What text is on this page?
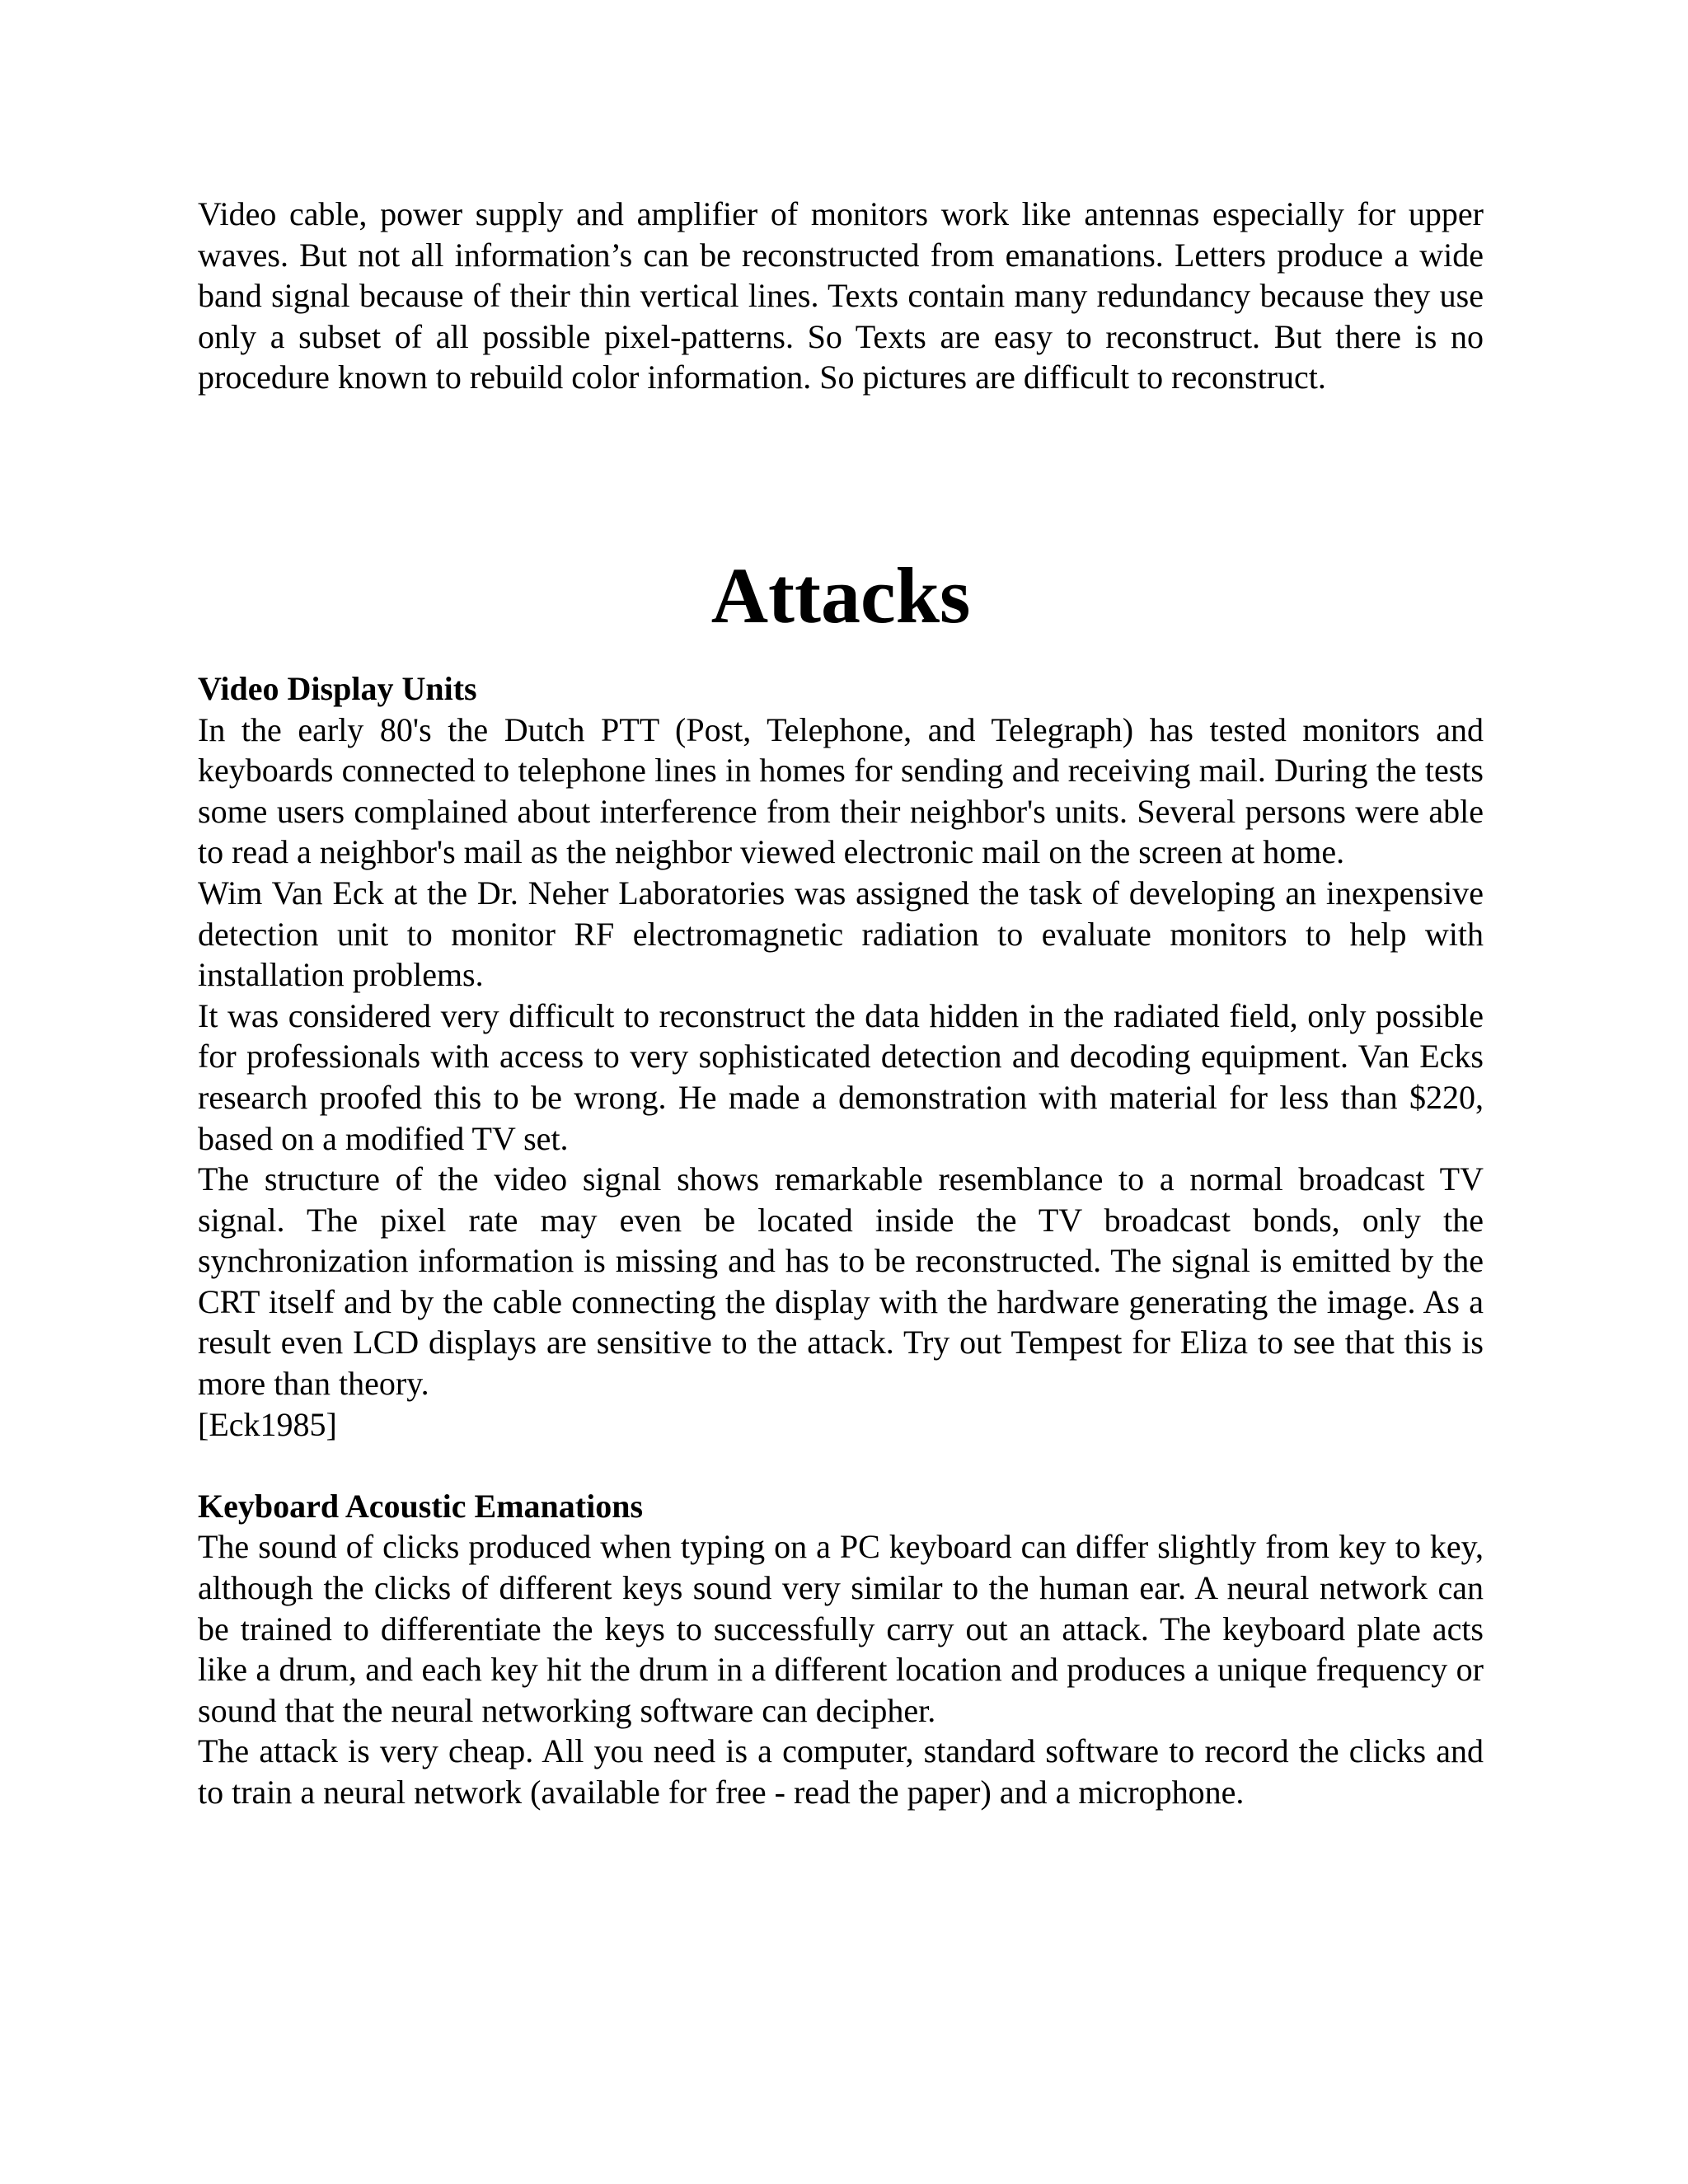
Video cable, power supply and amplifier of monitors work like antennas especially for upper waves. But not all information’s can be reconstructed from emanations. Letters produce a wide band signal because of their thin vertical lines. Texts contain many redundancy because they use only a subset of all possible pixel-patterns. So Texts are easy to reconstruct. But there is no procedure known to rebuild color information. So pictures are difficult to reconstruct.

Attacks
Video Display Units

In the early 80's the Dutch PTT (Post, Telephone, and Telegraph) has tested monitors and keyboards connected to telephone lines in homes for sending and receiving mail. During the tests some users complained about interference from their neighbor's units. Several persons were able to read a neighbor's mail as the neighbor viewed electronic mail on the screen at home.

Wim Van Eck at the Dr. Neher Laboratories was assigned the task of developing an inexpensive detection unit to monitor RF electromagnetic radiation to evaluate monitors to help with installation problems.

It was considered very difficult to reconstruct the data hidden in the radiated field, only possible for professionals with access to very sophisticated detection and decoding equipment. Van Ecks research proofed this to be wrong. He made a demonstration with material for less than $220, based on a modified TV set.

The structure of the video signal shows remarkable resemblance to a normal broadcast TV signal. The pixel rate may even be located inside the TV broadcast bonds, only the synchronization information is missing and has to be reconstructed. The signal is emitted by the CRT itself and by the cable connecting the display with the hardware generating the image. As a result even LCD displays are sensitive to the attack. Try out Tempest for Eliza to see that this is more than theory.

[Eck1985]

Keyboard Acoustic Emanations

The sound of clicks produced when typing on a PC keyboard can differ slightly from key to key, although the clicks of different keys sound very similar to the human ear. A neural network can be trained to differentiate the keys to successfully carry out an attack. The keyboard plate acts like a drum, and each key hit the drum in a different location and produces a unique frequency or sound that the neural networking software can decipher.

The attack is very cheap. All you need is a computer, standard software to record the clicks and to train a neural network (available for free - read the paper) and a microphone.
